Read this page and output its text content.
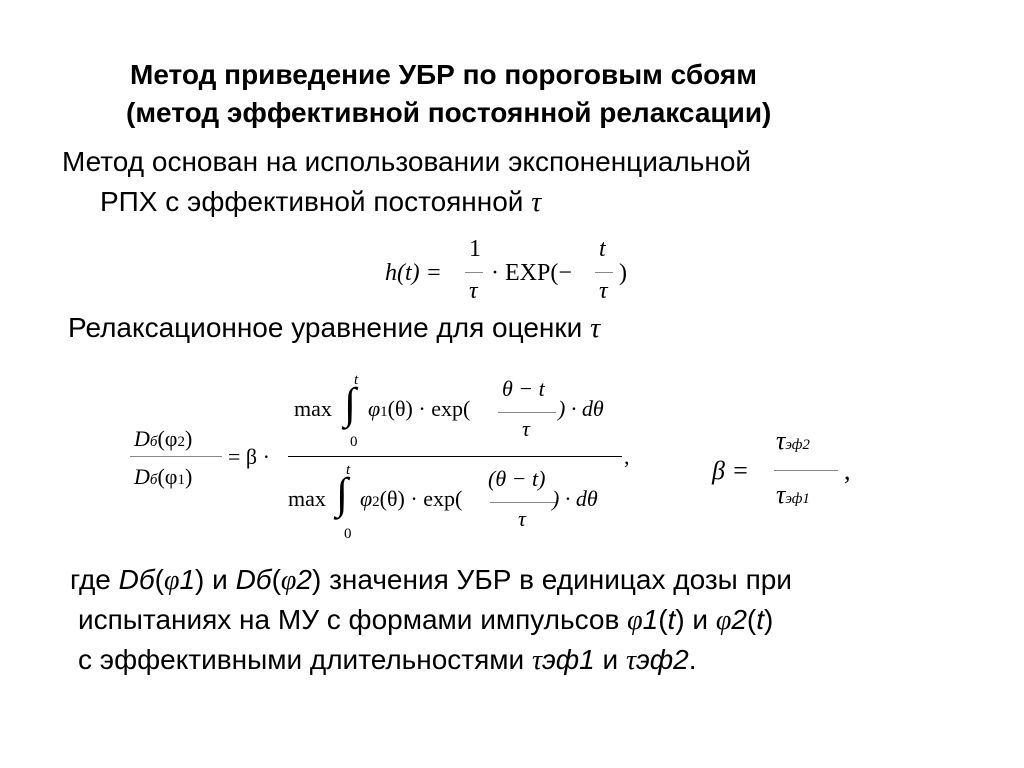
Метод приведение УБР по пороговым сбоям
(метод эффективной постоянной релаксации)
Метод основан на использовании экспоненциальной
РПХ с эффективной постоянной τ
h(t) =
1
τ
· EXP(−
t
τ
)
Релаксационное уравнение для оценки τ
Dб(φ2)
Dб(φ1)
= β ·
t
max ∫
0
φ1(θ) · exp(
θ − t
τ
) · dθ
,
t
max ∫
0
φ2(θ) · exp(
(θ − t)
τ
) · dθ
β =
τэф2
τэф1
,
где Dб(φ1) и Dб(φ2) значения УБР в единицах дозы при
испытаниях на МУ с формами импульсов φ1(t) и φ2(t)
с эффективными длительностями τэф1 и τэф2.
